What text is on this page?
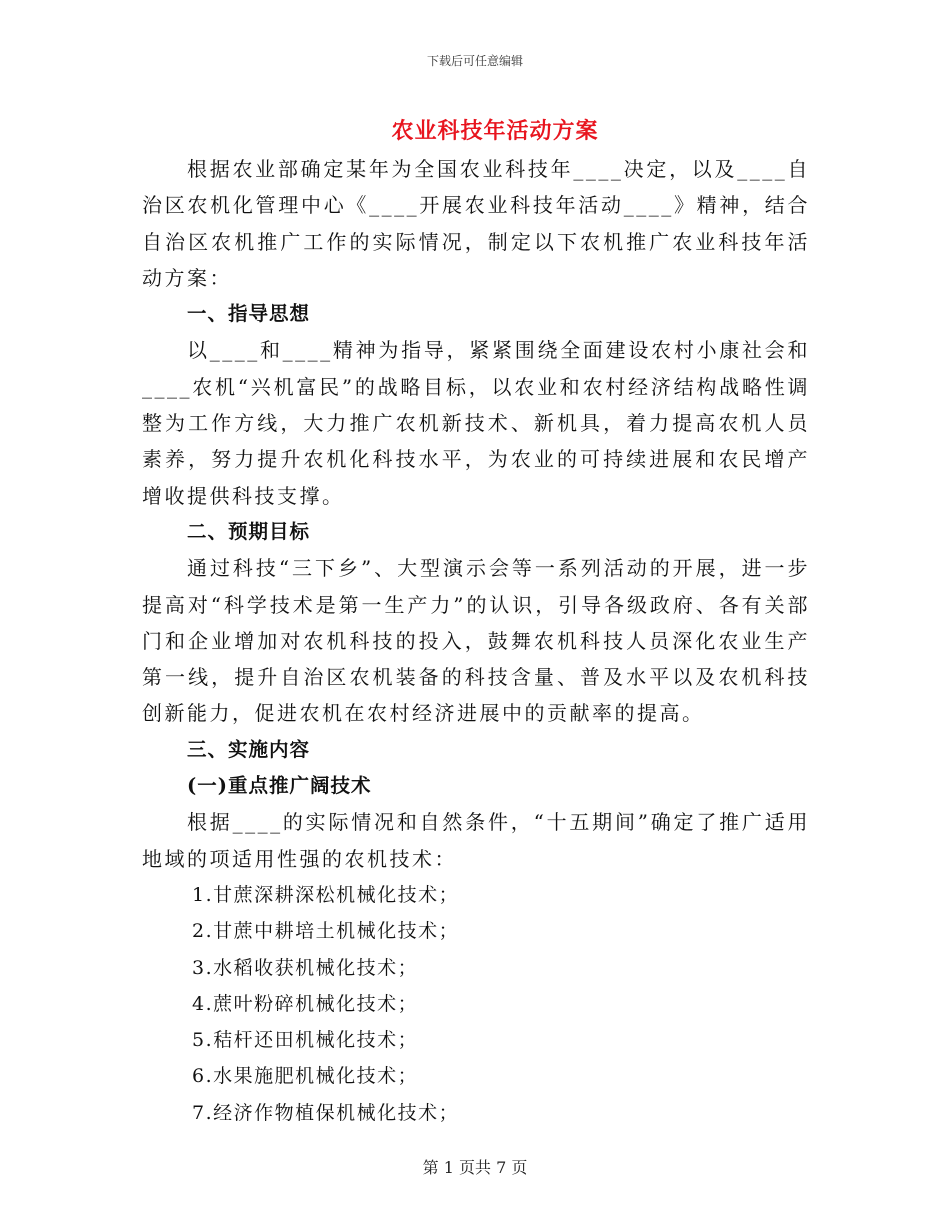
下载后可任意编辑
农业科技年活动方案

根据农业部确定某年为全国农业科技年____决定，以及____自治区农机化管理中心《____开展农业科技年活动____》精神，结合自治区农机推广工作的实际情况，制定以下农机推广农业科技年活动方案：

一、指导思想

以____和____精神为指导，紧紧围绕全面建设农村小康社会和____农机“兴机富民”的战略目标，以农业和农村经济结构战略性调整为工作方线，大力推广农机新技术、新机具，着力提高农机人员素养，努力提升农机化科技水平，为农业的可持续进展和农民增产增收提供科技支撑。

二、预期目标

通过科技“三下乡”、大型演示会等一系列活动的开展，进一步提高对“科学技术是第一生产力”的认识，引导各级政府、各有关部门和企业增加对农机科技的投入，鼓舞农机科技人员深化农业生产第一线，提升自治区农机装备的科技含量、普及水平以及农机科技创新能力，促进农机在农村经济进展中的贡献率的提高。

三、实施内容

(一)重点推广阔技术

根据____的实际情况和自然条件，“十五期间”确定了推广适用地域的项适用性强的农机技术：

1.甘蔗深耕深松机械化技术；

2.甘蔗中耕培土机械化技术；

3.水稻收获机械化技术；

4.蔗叶粉碎机械化技术；

5.秸杆还田机械化技术；

6.水果施肥机械化技术；

7.经济作物植保机械化技术；

第 1 页共 7 页
